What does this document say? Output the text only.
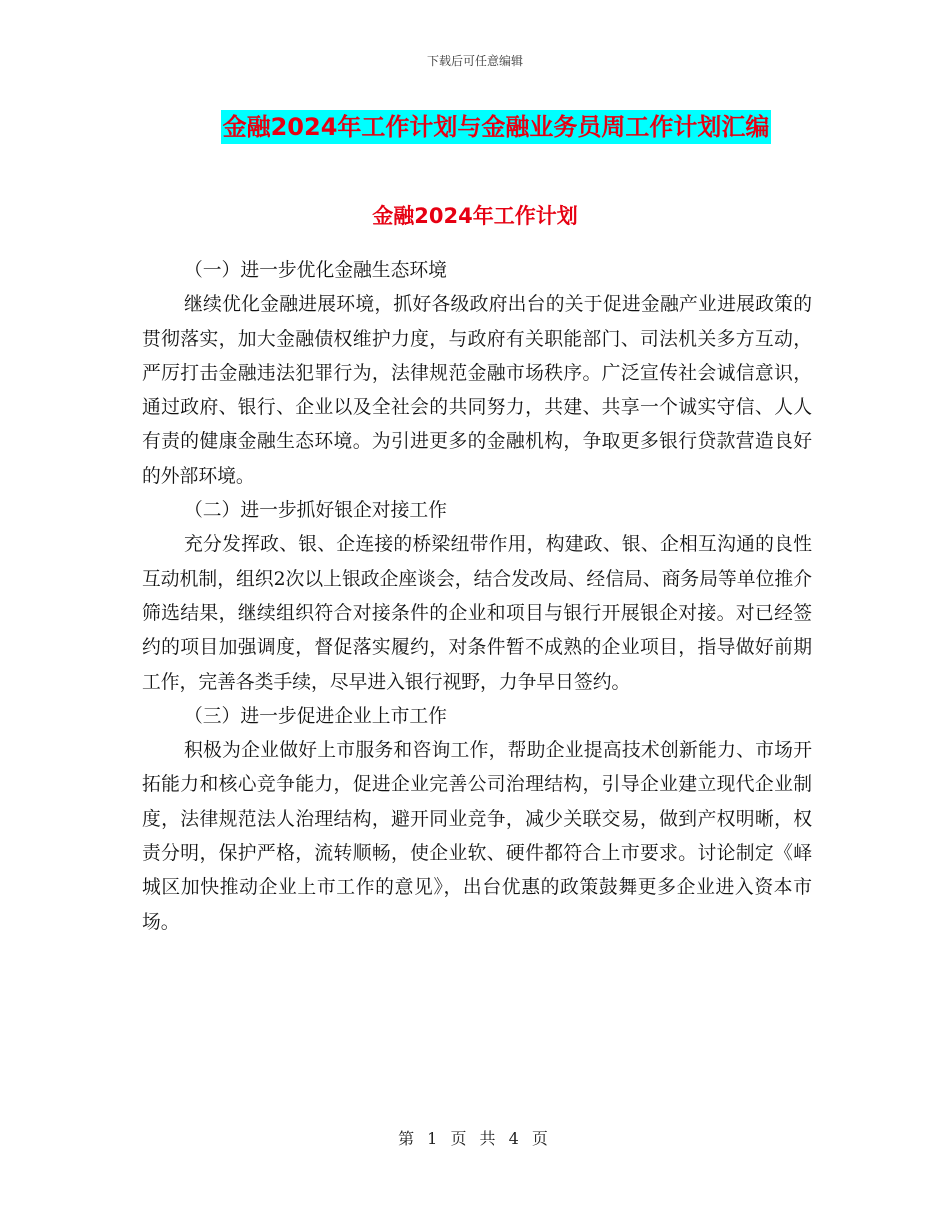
下载后可任意编辑
金融2024年工作计划与金融业务员周工作计划汇编
金融2024年工作计划

（一）进一步优化金融生态环境

继续优化金融进展环境，抓好各级政府出台的关于促进金融产业进展政策的贯彻落实，加大金融债权维护力度，与政府有关职能部门、司法机关多方互动，严厉打击金融违法犯罪行为，法律规范金融市场秩序。广泛宣传社会诚信意识，通过政府、银行、企业以及全社会的共同努力，共建、共享一个诚实守信、人人有责的健康金融生态环境。为引进更多的金融机构，争取更多银行贷款营造良好的外部环境。

（二）进一步抓好银企对接工作

充分发挥政、银、企连接的桥梁纽带作用，构建政、银、企相互沟通的良性互动机制，组织2次以上银政企座谈会，结合发改局、经信局、商务局等单位推介筛选结果，继续组织符合对接条件的企业和项目与银行开展银企对接。对已经签约的项目加强调度，督促落实履约，对条件暂不成熟的企业项目，指导做好前期工作，完善各类手续，尽早进入银行视野，力争早日签约。

（三）进一步促进企业上市工作

积极为企业做好上市服务和咨询工作，帮助企业提高技术创新能力、市场开拓能力和核心竞争能力，促进企业完善公司治理结构，引导企业建立现代企业制度，法律规范法人治理结构，避开同业竞争，减少关联交易，做到产权明晰，权责分明，保护严格，流转顺畅，使企业软、硬件都符合上市要求。讨论制定《峄城区加快推动企业上市工作的意见》，出台优惠的政策鼓舞更多企业进入资本市场。

第 1 页 共 4 页
